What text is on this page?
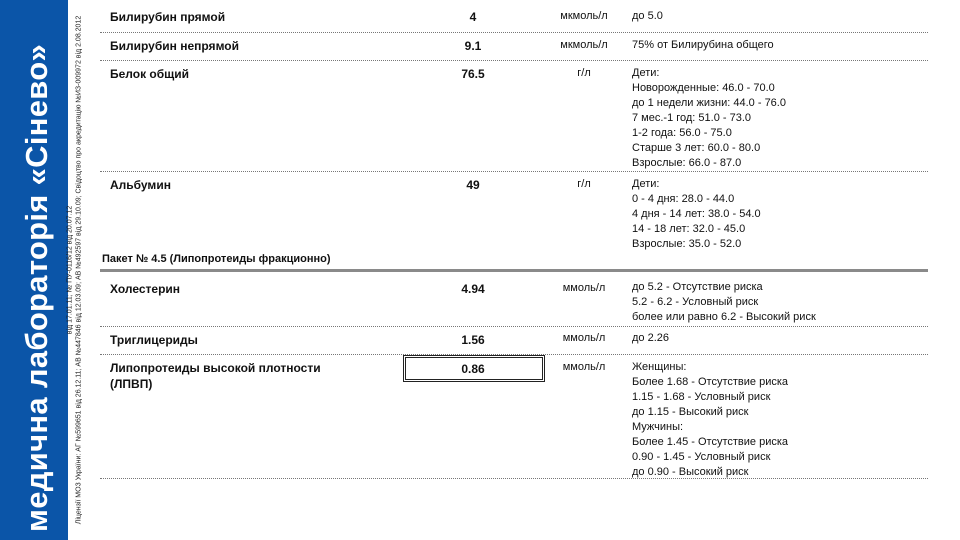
медична лабораторія «Сінево»	Ліцензії МОЗ України: АГ №599651 від 26.12.11; АВ №447846 від 12.03.09; АВ №492597 від 29.10.09; Свідоцтво про акредитацію №ИЗ-009972 від 2.08.2012
від 17.01.11; № ПУ-0116/12 від 20.07.12
Билирубин прямой	4	мкмоль/л	до 5.0
Билирубин непрямой	9.1	мкмоль/л	75% от Билирубина общего
Белок общий	76.5	г/л	Дети:
Новорожденные: 46.0 - 70.0
до 1 недели жизни: 44.0 - 76.0
7 мес.-1 год: 51.0 - 73.0
1-2 года: 56.0 - 75.0
Старше 3 лет: 60.0 - 80.0
Взрослые: 66.0 - 87.0
Альбумин	49	г/л	Дети:
0 - 4 дня: 28.0 - 44.0
4 дня - 14 лет: 38.0 - 54.0
14 - 18 лет: 32.0 - 45.0
Взрослые: 35.0 - 52.0
Пакет № 4.5 (Липопротеиды фракционно)
Холестерин	4.94	ммоль/л	до 5.2 - Отсутствие риска
5.2 - 6.2 - Условный риск
более или равно 6.2 - Высокий риск
Триглицериды	1.56	ммоль/л	до 2.26
Липопротеиды высокой плотности
(ЛПВП)
0.86	ммоль/л	Женщины:
Более 1.68 - Отсутствие риска
1.15 - 1.68 - Условный риск
до 1.15 - Высокий риск
Мужчины:
Более 1.45 - Отсутствие риска
0.90 - 1.45 - Условный риск
до 0.90 - Высокий риск
